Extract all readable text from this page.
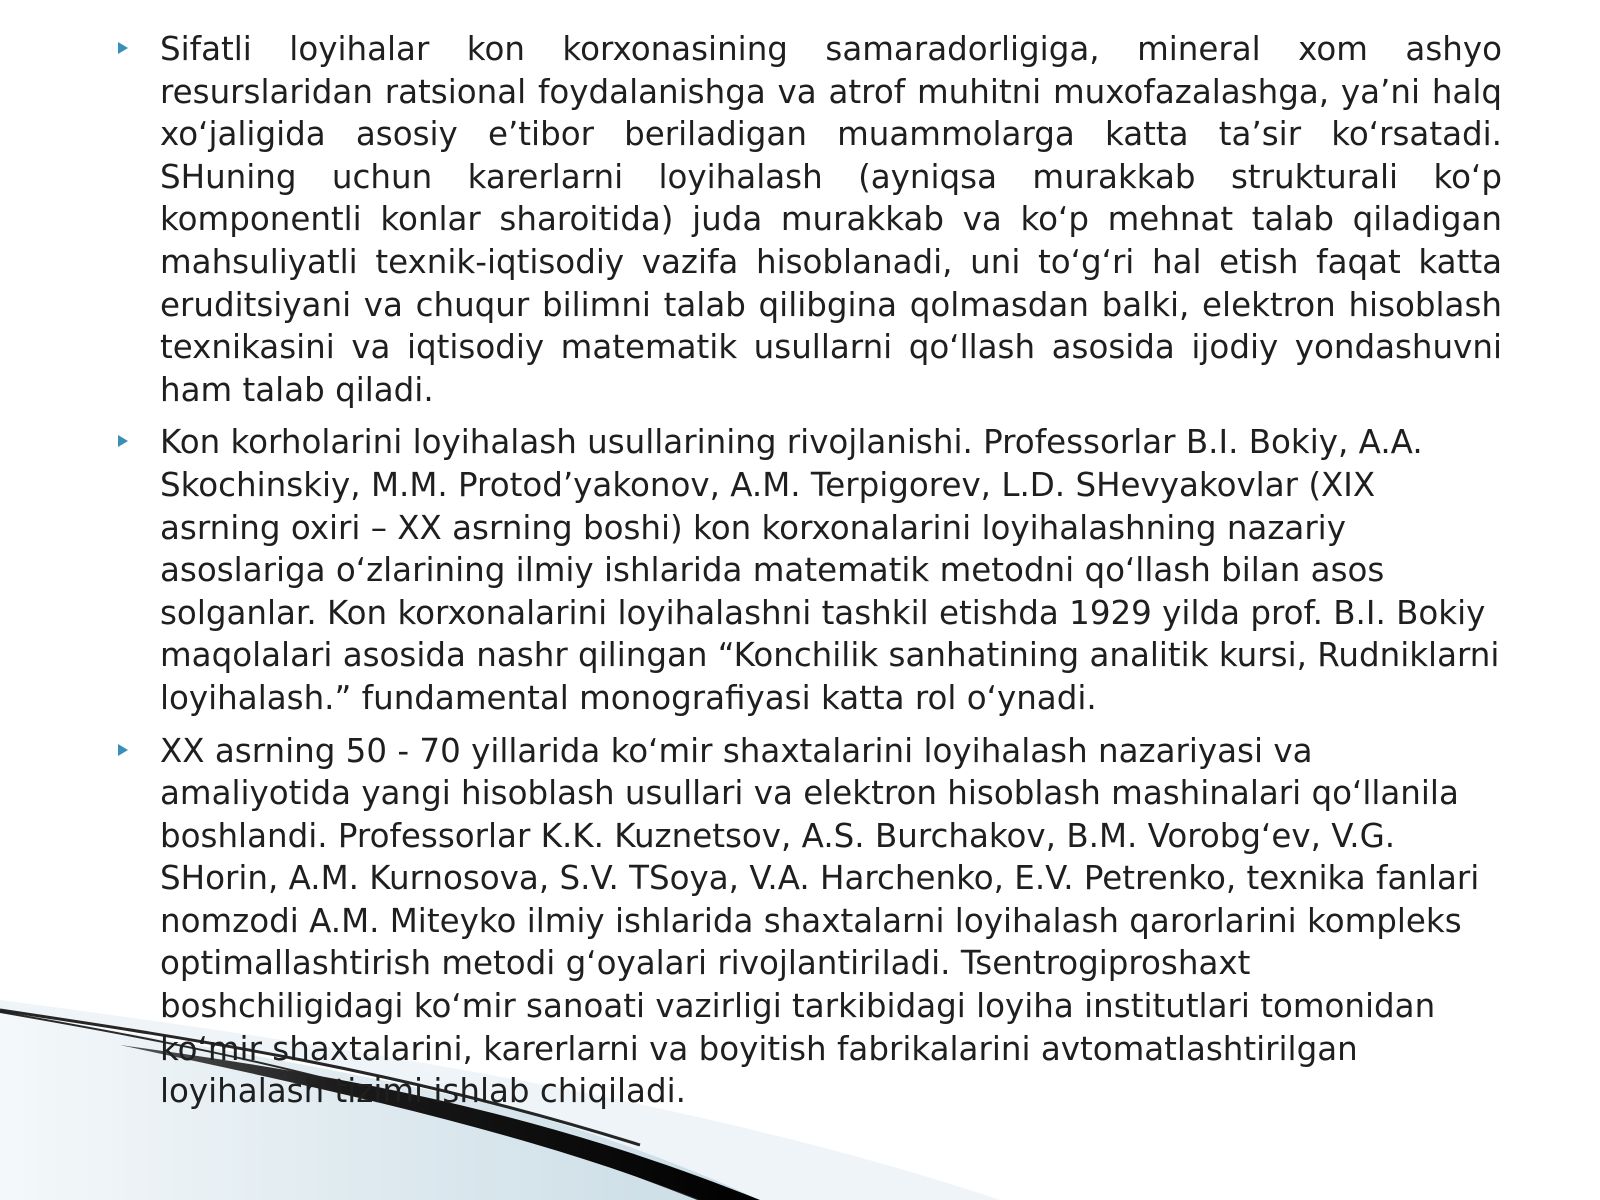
Sifatli loyihalar kon korxonasining samaradorligiga, mineral xom ashyo resurslaridan ratsional foydalanishga va atrof muhitni muxofazalashga, ya’ni halq xo‘jaligida asosiy e’tibor beriladigan muammolarga katta ta’sir ko‘rsatadi. SHuning uchun karerlarni loyihalash (ayniqsa murakkab strukturali ko‘p komponentli konlar sharoitida) juda murakkab va ko‘p mehnat talab qiladigan mahsuliyatli texnik-iqtisodiy vazifa hisoblanadi, uni to‘g‘ri hal etish faqat katta eruditsiyani va chuqur bilimni talab qilibgina qolmasdan balki, elektron hisoblash texnikasini va iqtisodiy matematik usullarni qo‘llash asosida ijodiy yondashuvni ham talab qiladi.
Kon korholarini loyihalash usullarining rivojlanishi. Professorlar B.I. Bokiy, A.A. Skochinskiy, M.M. Protod’yakonov, A.M. Terpigorev, L.D. SHevyakovlar (XIX asrning oxiri – XX asrning boshi) kon korxonalarini loyihalashning nazariy asoslariga o‘zlarining ilmiy ishlarida matematik metodni qo‘llash bilan asos solganlar. Kon korxonalarini loyihalashni tashkil etishda 1929 yilda prof. B.I. Bokiy maqolalari asosida nashr qilingan “Konchilik sanhatining analitik kursi, Rudniklarni loyihalash.” fundamental monografiyasi katta rol o‘ynadi.
XX asrning 50 - 70 yillarida ko‘mir shaxtalarini loyihalash nazariyasi va amaliyotida yangi hisoblash usullari va elektron hisoblash mashinalari qo‘llanila boshlandi. Professorlar K.K. Kuznetsov, A.S. Burchakov, B.M. Vorobg‘ev, V.G. SHorin, A.M. Kurnosova, S.V. TSoya, V.A. Harchenko, E.V. Petrenko, texnika fanlari nomzodi A.M. Miteyko ilmiy ishlarida shaxtalarni loyihalash qarorlarini kompleks optimallashtirish metodi g‘oyalari rivojlantiriladi. Tsentrogiproshaxt boshchiligidagi ko‘mir sanoati vazirligi tarkibidagi loyiha institutlari tomonidan ko‘mir shaxtalarini, karerlarni va boyitish fabrikalarini avtomatlashtirilgan loyihalash tizimi ishlab chiqiladi.
